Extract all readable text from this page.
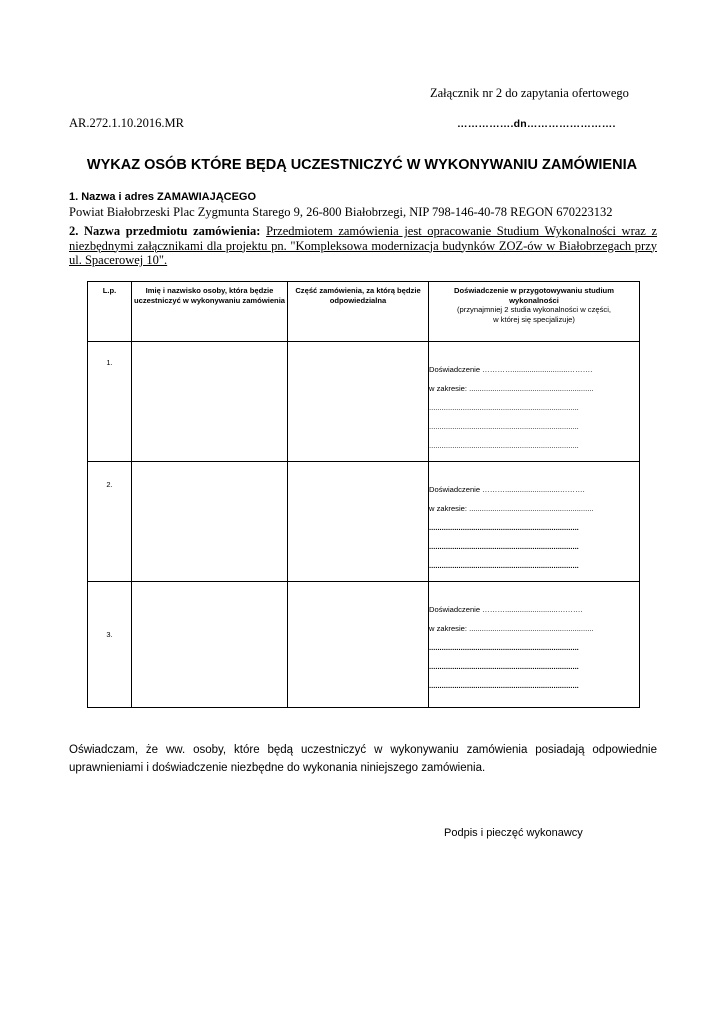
Załącznik nr 2 do zapytania ofertowego
AR.272.1.10.2016.MR	…………….dn…………………….
WYKAZ OSÓB KTÓRE BĘDĄ UCZESTNICZYĆ W WYKONYWANIU ZAMÓWIENIA
1. Nazwa i adres ZAMAWIAJĄCEGO
Powiat Białobrzeski Plac Zygmunta Starego 9, 26-800 Białobrzegi, NIP 798-146-40-78 REGON 670223132
2. Nazwa przedmiotu zamówienia: Przedmiotem zamówienia jest opracowanie Studium Wykonalności wraz z niezbędnymi załącznikami dla projektu pn. "Kompleksowa modernizacja budynków ZOZ-ów w Białobrzegach przy ul. Spacerowej 10".
L.p.	Imię i nazwisko osoby, która będzie uczestniczyć w wykonywaniu zamówienia	Część zamówienia, za którą będzie odpowiedzialna	Doświadczenie w przygotowywaniu studium wykonalności
(przynajmniej 2 studia wykonalności w części,
w której się specjalizuje)

1.			Doświadczenie …………..........................……….
w zakresie: ...........................................................
.......................................................................
.......................................................................
.......................................................................

2.			Doświadczenie ………..........................……….
w zakresie: ...........................................................
.......................................................................
.......................................................................
.......................................................................

3.			Doświadczenie ……….........................……….
w zakresie: ...........................................................
.......................................................................
.......................................................................
.......................................................................
Oświadczam, że ww. osoby, które będą uczestniczyć w wykonywaniu zamówienia posiadają odpowiednie uprawnieniami i doświadczenie niezbędne do wykonania niniejszego zamówienia.
Podpis i pieczęć wykonawcy
